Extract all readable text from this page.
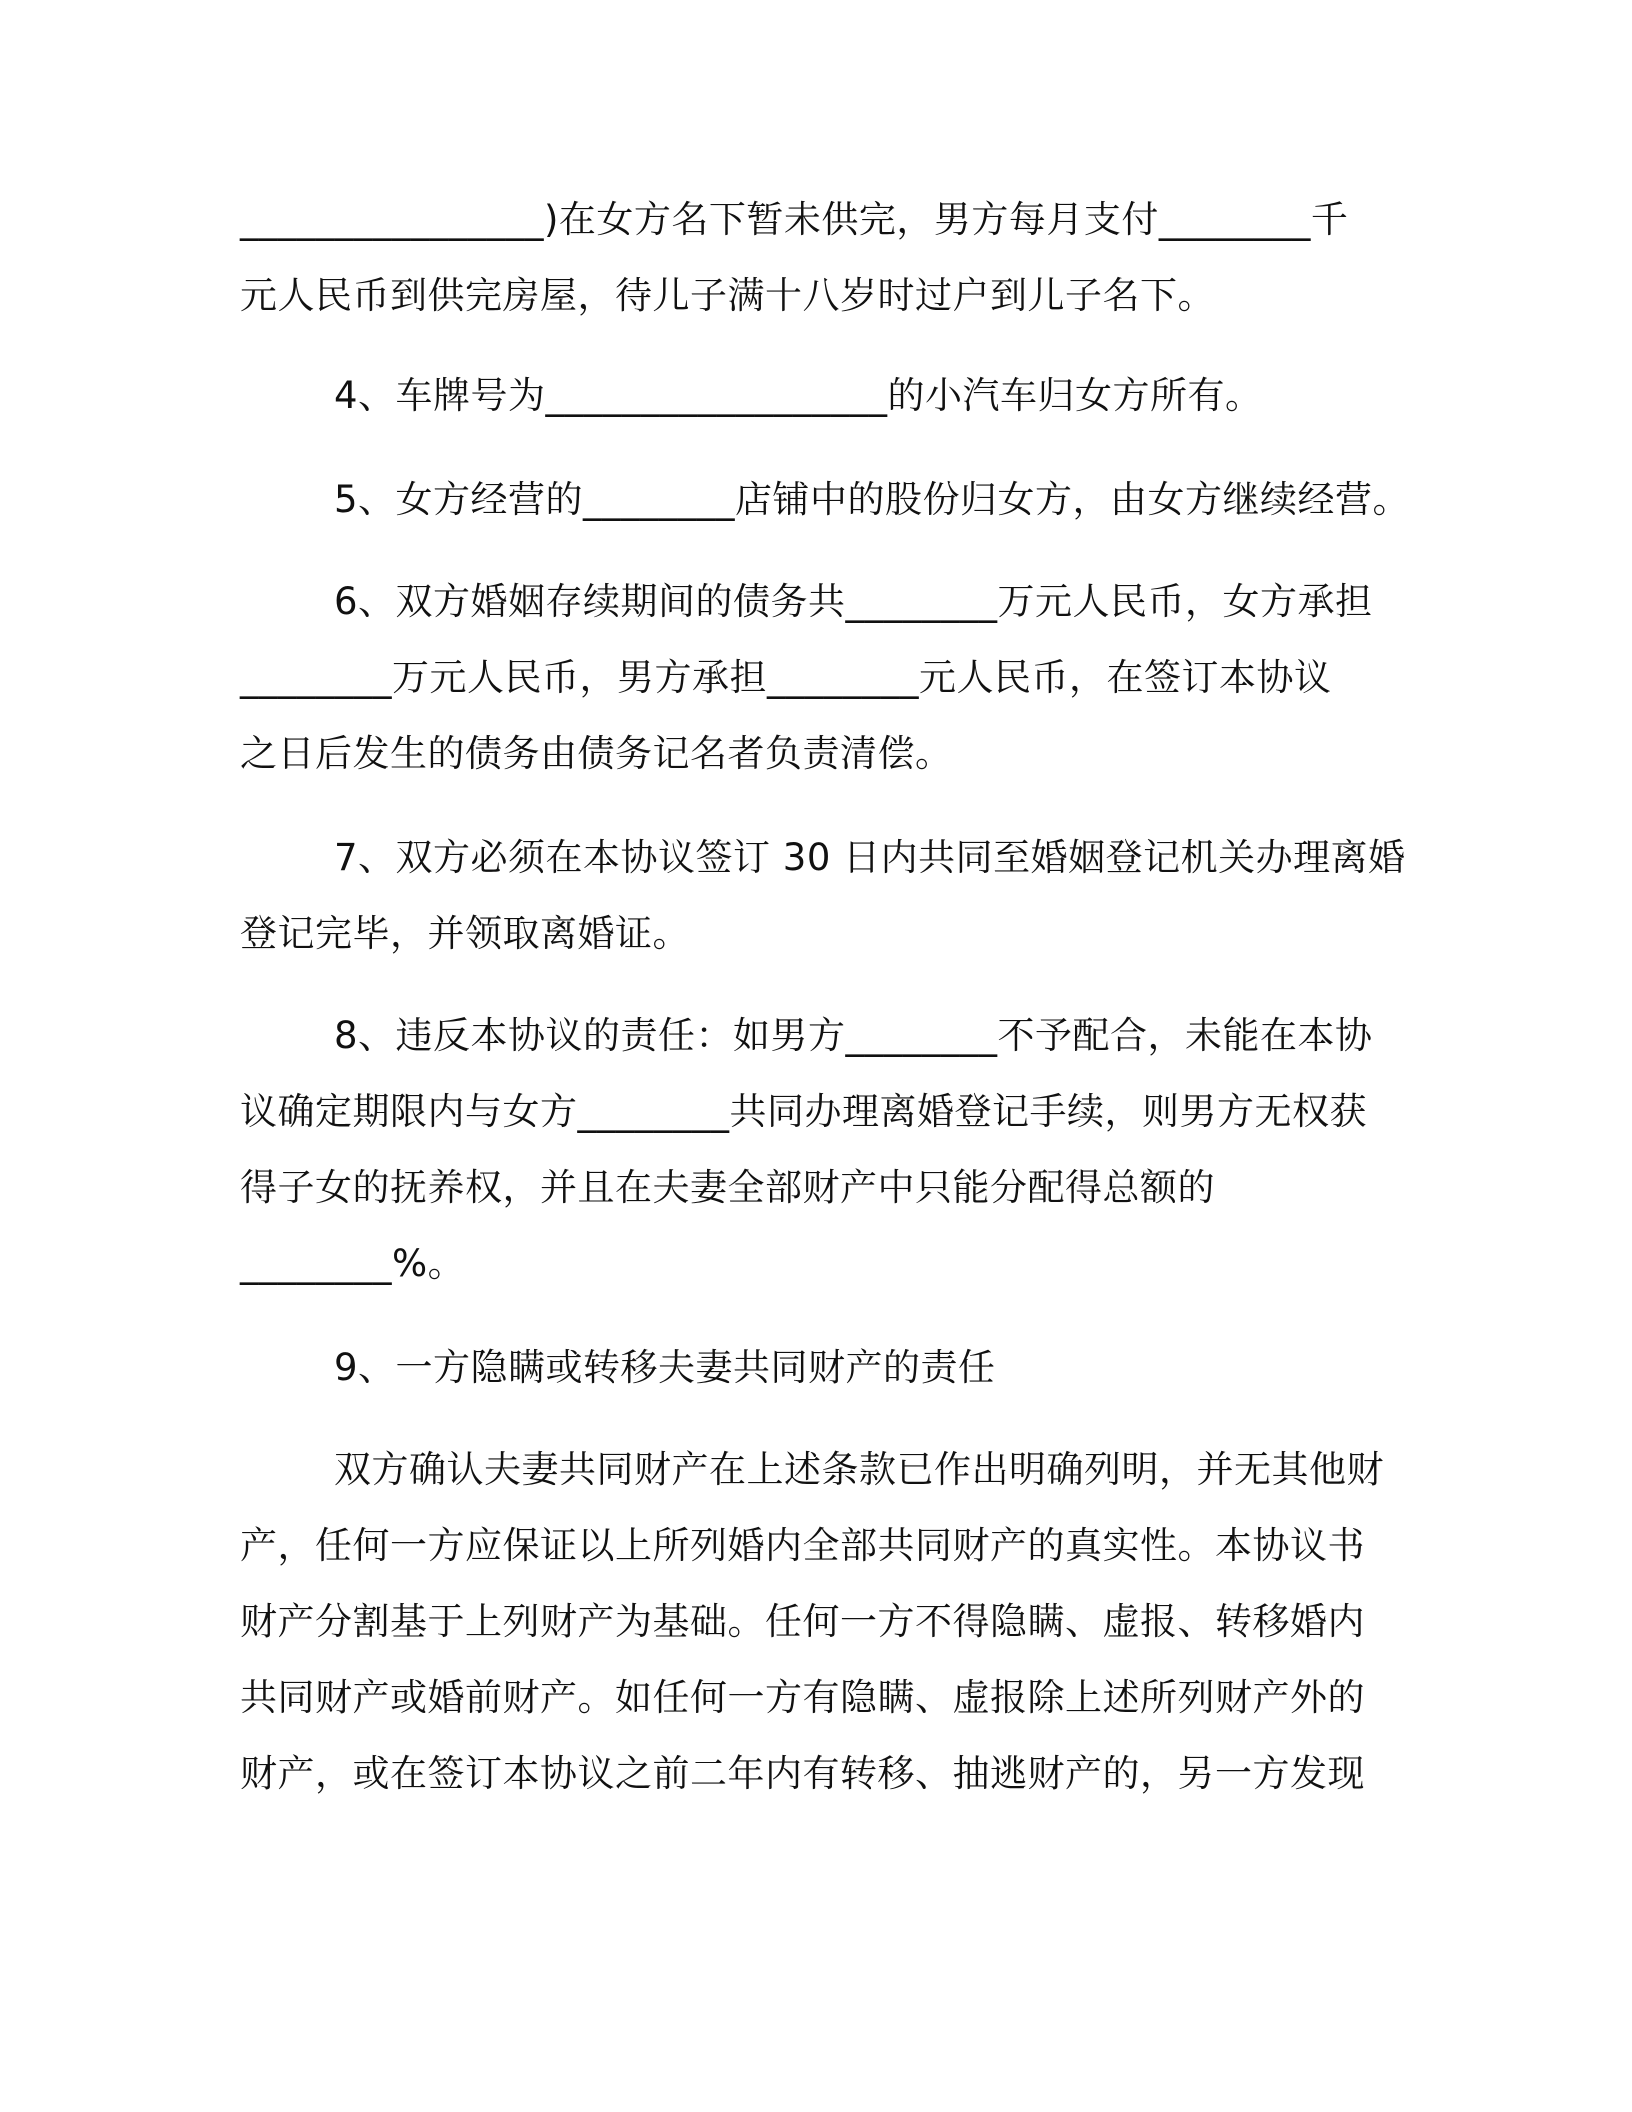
________________)在女方名下暂未供完，男方每月支付________千
元人民币到供完房屋，待儿子满十八岁时过户到儿子名下。
4、车牌号为__________________的小汽车归女方所有。
5、女方经营的________店铺中的股份归女方，由女方继续经营。
6、双方婚姻存续期间的债务共________万元人民币，女方承担
________万元人民币，男方承担________元人民币，在签订本协议
之日后发生的债务由债务记名者负责清偿。
7、双方必须在本协议签订 30 日内共同至婚姻登记机关办理离婚
登记完毕，并领取离婚证。
8、违反本协议的责任：如男方________不予配合，未能在本协
议确定期限内与女方________共同办理离婚登记手续，则男方无权获
得子女的抚养权，并且在夫妻全部财产中只能分配得总额的
________%。
9、一方隐瞒或转移夫妻共同财产的责任
双方确认夫妻共同财产在上述条款已作出明确列明，并无其他财
产，任何一方应保证以上所列婚内全部共同财产的真实性。本协议书
财产分割基于上列财产为基础。任何一方不得隐瞒、虚报、转移婚内
共同财产或婚前财产。如任何一方有隐瞒、虚报除上述所列财产外的
财产，或在签订本协议之前二年内有转移、抽逃财产的，另一方发现
